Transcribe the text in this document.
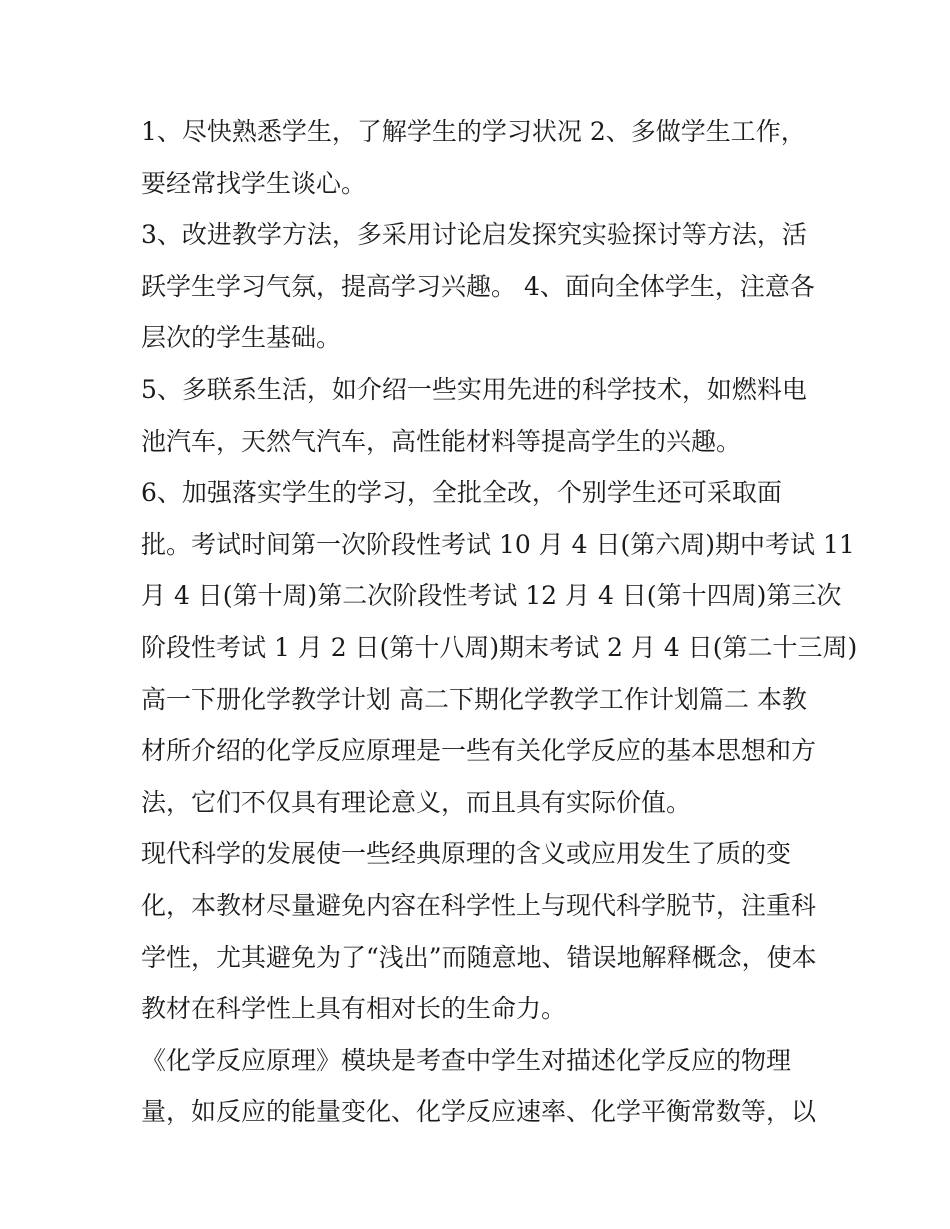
1、尽快熟悉学生，了解学生的学习状况 2、多做学生工作，
要经常找学生谈心。
3、改进教学方法，多采用讨论启发探究实验探讨等方法，活
跃学生学习气氛，提高学习兴趣。 4、面向全体学生，注意各
层次的学生基础。
5、多联系生活，如介绍一些实用先进的科学技术，如燃料电
池汽车，天然气汽车，高性能材料等提高学生的兴趣。
6、加强落实学生的学习，全批全改，个别学生还可采取面
批。考试时间第一次阶段性考试 10 月 4 日(第六周)期中考试 11
月 4 日(第十周)第二次阶段性考试 12 月 4 日(第十四周)第三次
阶段性考试 1 月 2 日(第十八周)期末考试 2 月 4 日(第二十三周)
高一下册化学教学计划 高二下期化学教学工作计划篇二 本教
材所介绍的化学反应原理是一些有关化学反应的基本思想和方
法，它们不仅具有理论意义，而且具有实际价值。
现代科学的发展使一些经典原理的含义或应用发生了质的变
化，本教材尽量避免内容在科学性上与现代科学脱节，注重科
学性，尤其避免为了“浅出”而随意地、错误地解释概念，使本
教材在科学性上具有相对长的生命力。
《化学反应原理》模块是考查中学生对描述化学反应的物理
量，如反应的能量变化、化学反应速率、化学平衡常数等，以
